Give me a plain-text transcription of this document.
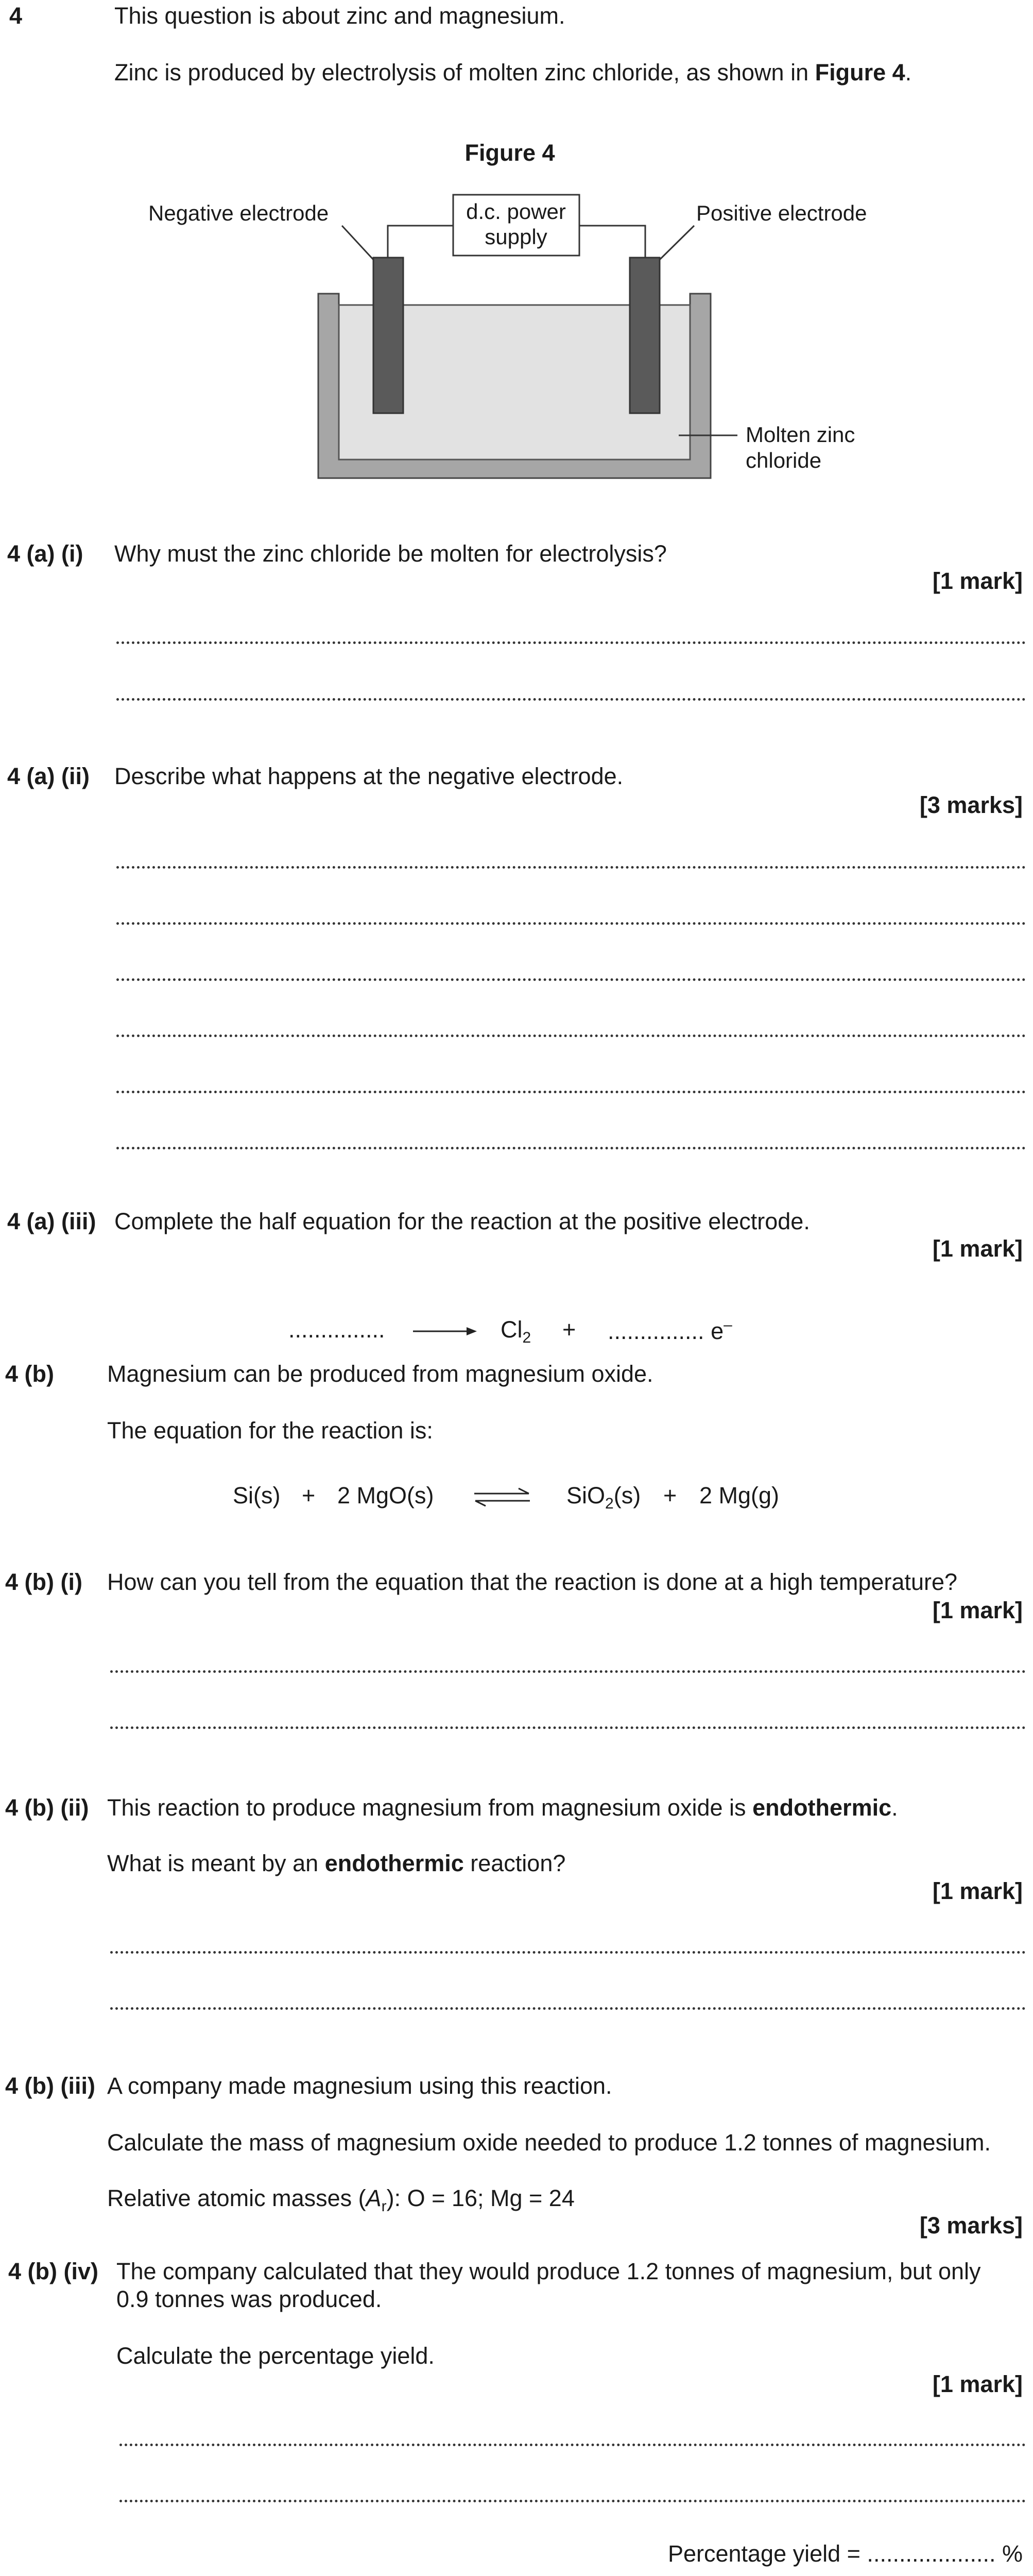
4	This question is about zinc and magnesium.
Zinc is produced by electrolysis of molten zinc chloride, as shown in Figure 4.
Figure 4
d.c. power
supply
Negative electrode	Positive electrode
Molten zinc
chloride
4 (a) (i) Why must the zinc chloride be molten for electrolysis?
[1 mark]
4 (a) (ii) Describe what happens at the negative electrode.
[3 marks]
4 (a) (iii) Complete the half equation for the reaction at the positive electrode.
[1 mark]
...............	$Cl_2$ + ............... e–
4 (b) Magnesium can be produced from magnesium oxide.
The equation for the reaction is:
Si(s) + 2 MgO(s)	SiO$_2$(s) + 2 Mg(g)
4 (b) (i) How can you tell from the equation that the reaction is done at a high temperature?
[1 mark]
4 (b) (ii) This reaction to produce magnesium from magnesium oxide is endothermic.
What is meant by an endothermic reaction?
[1 mark]
4 (b) (iii) A company made magnesium using this reaction.
Calculate the mass of magnesium oxide needed to produce 1.2 tonnes of magnesium.
Relative atomic masses $(A_r)$: O = 16; Mg = 24
[3 marks]
4 (b) (iv) The company calculated that they would produce 1.2 tonnes of magnesium, but only
0.9 tonnes was produced.
Calculate the percentage yield.
[1 mark]
Percentage yield = .................... %
